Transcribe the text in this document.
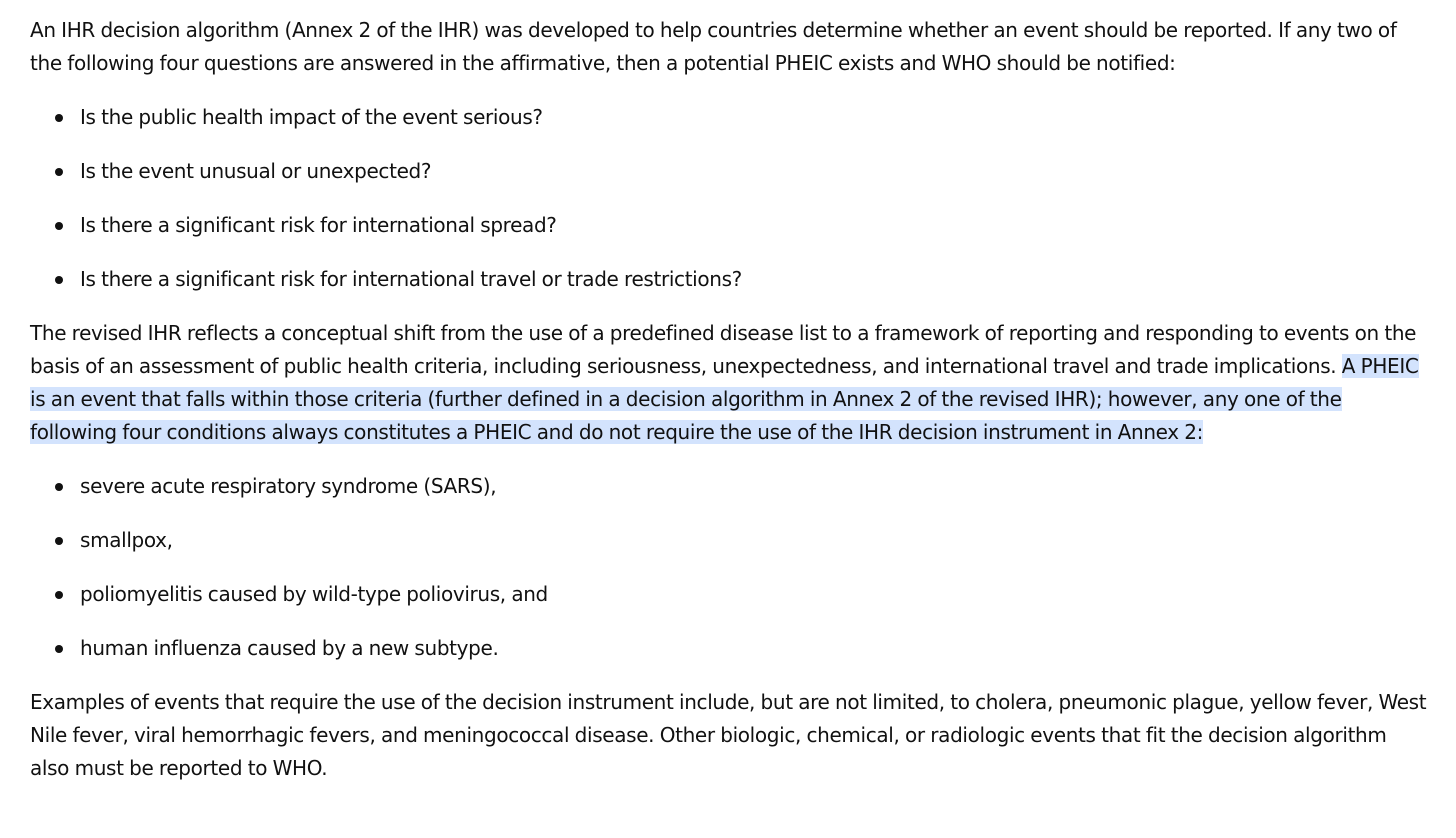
An IHR decision algorithm (Annex 2 of the IHR) was developed to help countries determine whether an event should be reported. If any two of the following four questions are answered in the affirmative, then a potential PHEIC exists and WHO should be notified:

Is the public health impact of the event serious?
Is the event unusual or unexpected?
Is there a significant risk for international spread?
Is there a significant risk for international travel or trade restrictions?

The revised IHR reflects a conceptual shift from the use of a predefined disease list to a framework of reporting and responding to events on the basis of an assessment of public health criteria, including seriousness, unexpectedness, and international travel and trade implications. A PHEIC is an event that falls within those criteria (further defined in a decision algorithm in Annex 2 of the revised IHR); however, any one of the following four conditions always constitutes a PHEIC and do not require the use of the IHR decision instrument in Annex 2:

severe acute respiratory syndrome (SARS),
smallpox,
poliomyelitis caused by wild-type poliovirus, and
human influenza caused by a new subtype.

Examples of events that require the use of the decision instrument include, but are not limited, to cholera, pneumonic plague, yellow fever, West Nile fever, viral hemorrhagic fevers, and meningococcal disease. Other biologic, chemical, or radiologic events that fit the decision algorithm also must be reported to WHO.
